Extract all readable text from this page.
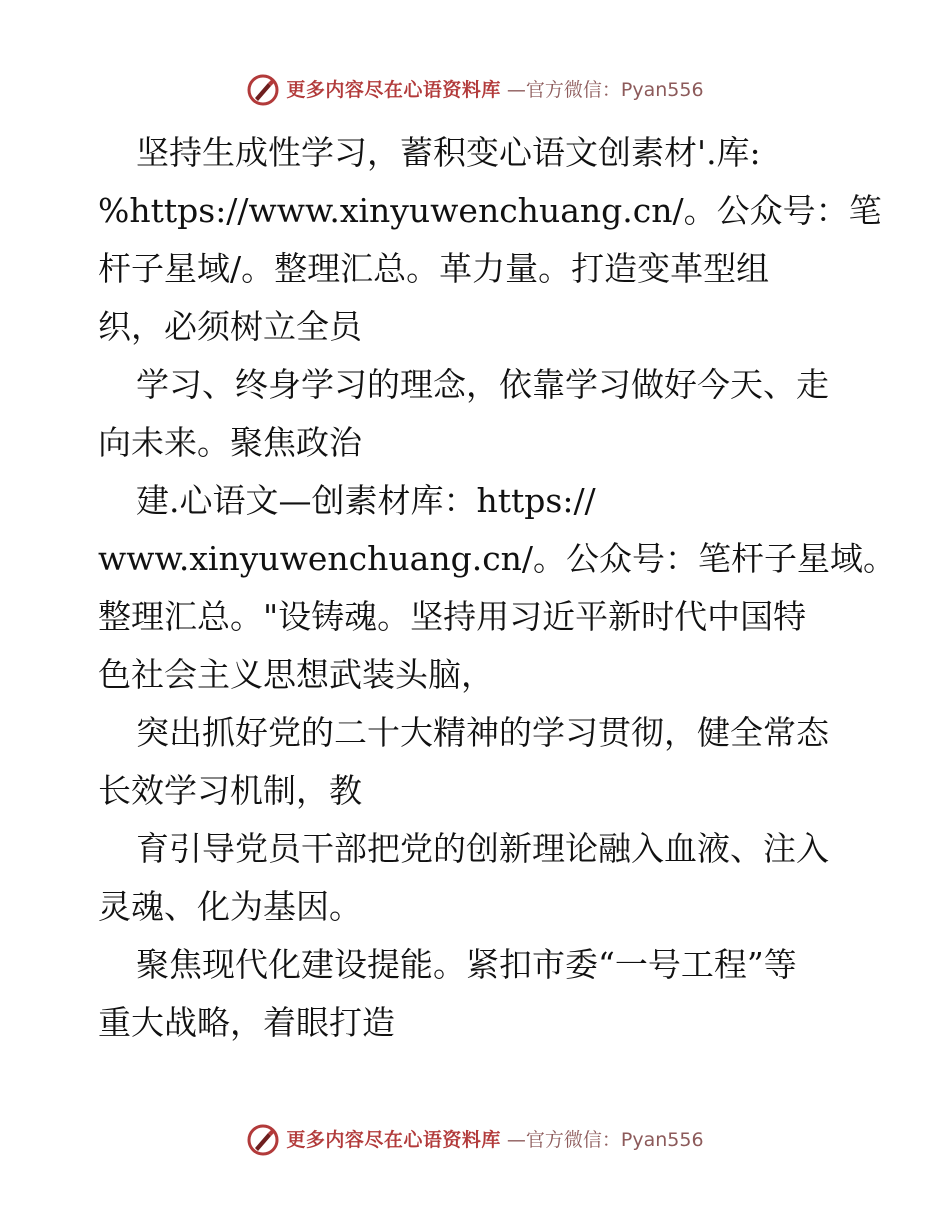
更多内容尽在心语资料库 —官方微信：Pyan556
坚持生成性学习，蓄积变心语文创素材'.库:
%https://www.xinyuwenchuang.cn/。公众号：笔
杆子星域/。整理汇总。革力量。打造变革型组
织，必须树立全员
学习、终身学习的理念，依靠学习做好今天、走
向未来。聚焦政治
建.心语文—创素材库：https://
www.xinyuwenchuang.cn/。公众号：笔杆子星域。
整理汇总。"设铸魂。坚持用习近平新时代中国特
色社会主义思想武装头脑，
突出抓好党的二十大精神的学习贯彻，健全常态
长效学习机制，教
育引导党员干部把党的创新理论融入血液、注入
灵魂、化为基因。
聚焦现代化建设提能。紧扣市委“一号工程”等
重大战略，着眼打造
更多内容尽在心语资料库 —官方微信：Pyan556
